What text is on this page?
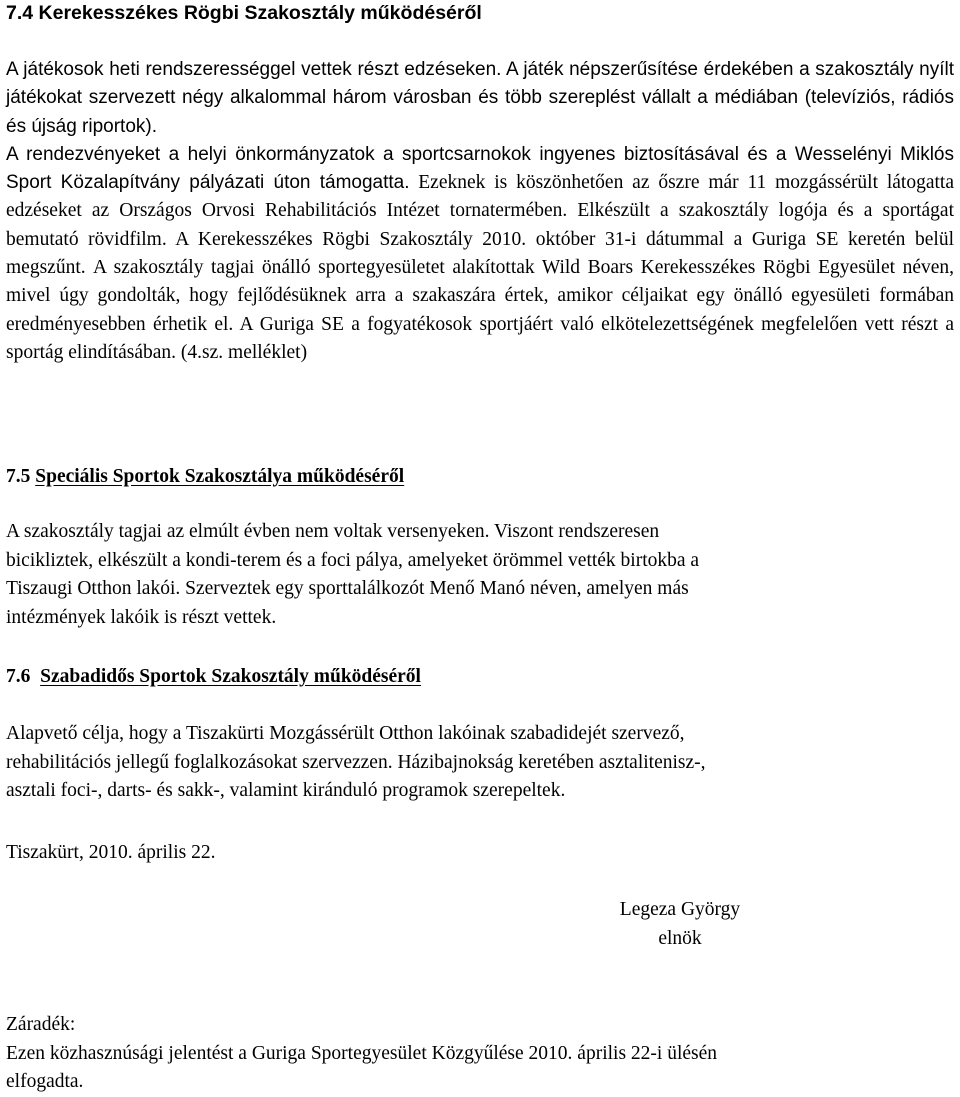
7.4 Kerekesszékes Rögbi Szakosztály működéséről

A játékosok heti rendszerességgel vettek részt edzéseken. A játék népszerűsítése érdekében a szakosztály nyílt játékokat szervezett négy alkalommal három városban és több szereplést vállalt a médiában (televíziós, rádiós és újság riportok).

A rendezvényeket a helyi önkormányzatok a sportcsarnokok ingyenes biztosításával és a Wesselényi Miklós Sport Közalapítvány pályázati úton támogatta. Ezeknek is köszönhetően az őszre már 11 mozgássérült látogatta edzéseket az Országos Orvosi Rehabilitációs Intézet tornatermében. Elkészült a szakosztály logója és a sportágat bemutató rövidfilm. A Kerekesszékes Rögbi Szakosztály 2010. október 31-i dátummal a Guriga SE keretén belül megszűnt. A szakosztály tagjai önálló sportegyesületet alakítottak Wild Boars Kerekesszékes Rögbi Egyesület néven, mivel úgy gondolták, hogy fejlődésüknek arra a szakaszára értek, amikor céljaikat egy önálló egyesületi formában eredményesebben érhetik el. A Guriga SE a fogyatékosok sportjáért való elkötelezettségének megfelelően vett részt a sportág elindításában. (4.sz. melléklet)

7.5 Speciális Sportok Szakosztálya működéséről

A szakosztály tagjai az elmúlt évben nem voltak versenyeken. Viszont rendszeresen

bicikliztek, elkészült a kondi-terem és a foci pálya, amelyeket örömmel vették birtokba a

Tiszaugi Otthon lakói. Szerveztek egy sporttalálkozót Menő Manó néven, amelyen más

intézmények lakóik is részt vettek.

7.6 Szabadidős Sportok Szakosztály működéséről

Alapvető célja, hogy a Tiszakürti Mozgássérült Otthon lakóinak szabadidejét szervező,

rehabilitációs jellegű foglalkozásokat szervezzen. Házibajnokság keretében asztalitenisz-,

asztali foci-, darts- és sakk-, valamint kiránduló programok szerepeltek.

Tiszakürt, 2010. április 22.

Legeza György
elnök

Záradék:

Ezen közhasznúsági jelentést a Guriga Sportegyesület Közgyűlése 2010. április 22-i ülésén

elfogadta.
